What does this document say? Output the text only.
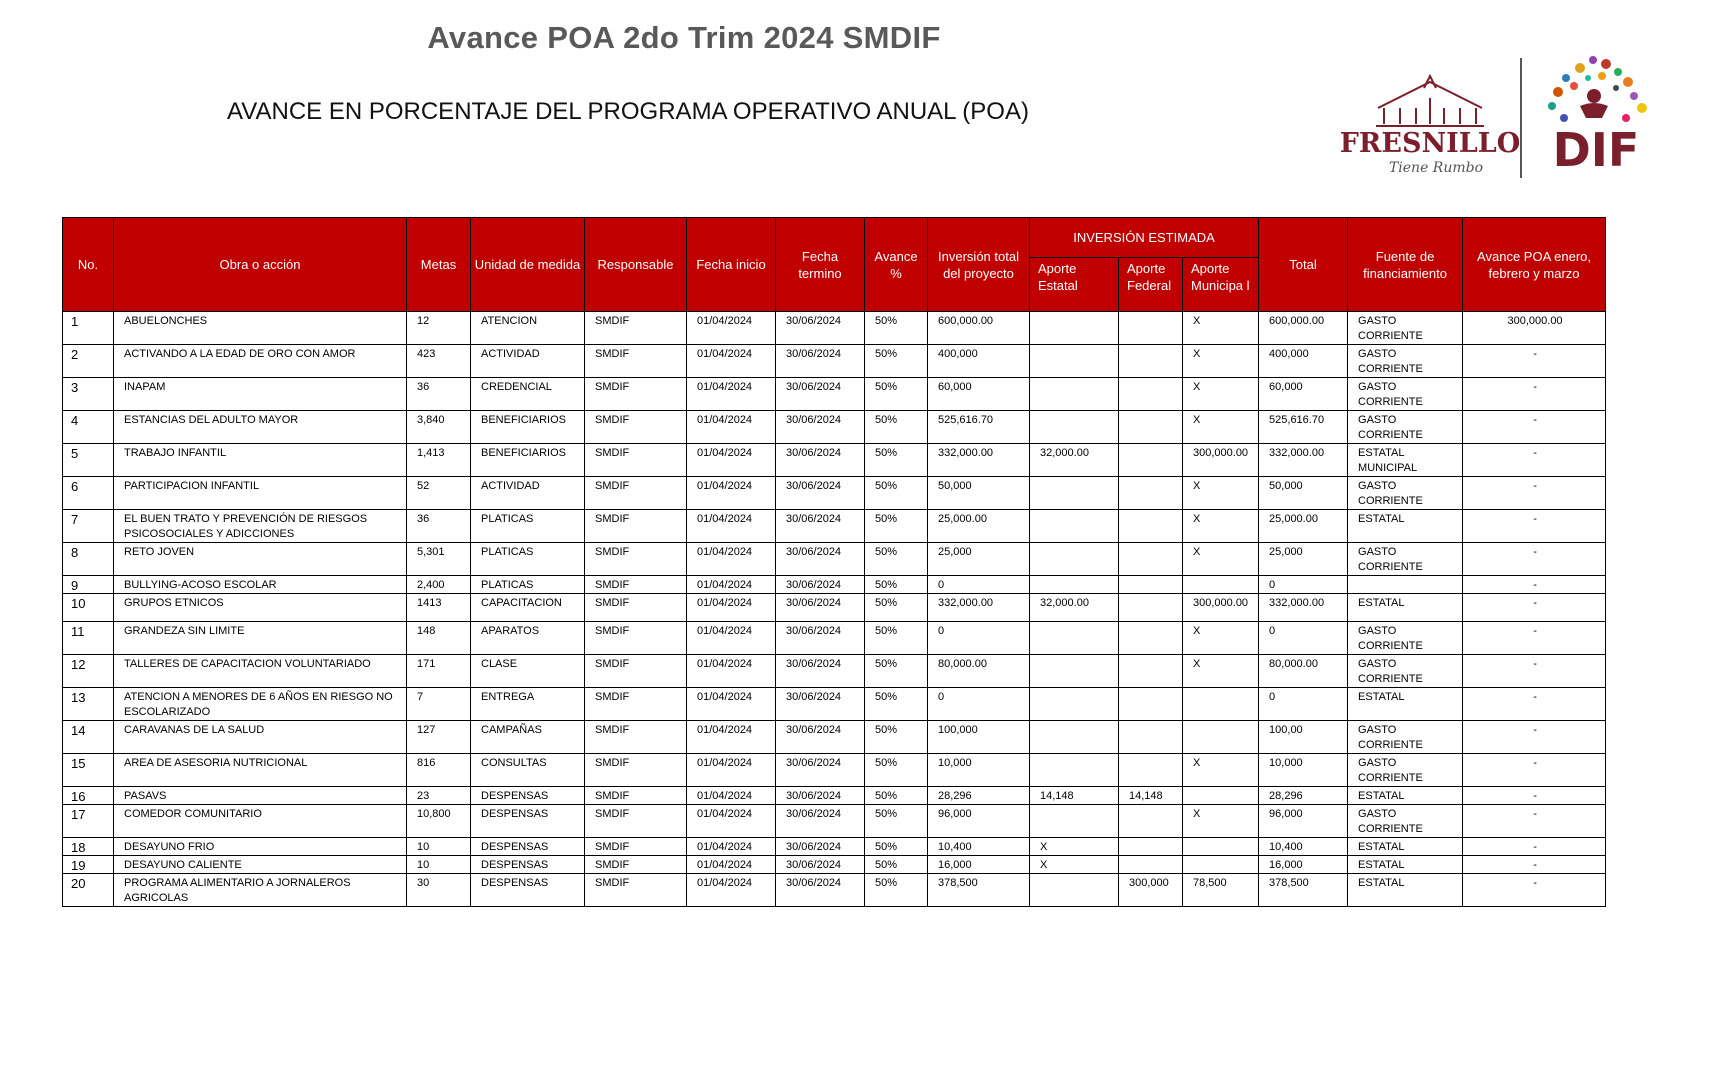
Avance POA 2do Trim 2024 SMDIF
AVANCE EN PORCENTAJE DEL PROGRAMA OPERATIVO ANUAL (POA)
FRESNILLO
Tiene Rumbo DIF
No.	Obra o acción	Metas	Unidad de medida	Responsable	Fecha inicio	Fecha termino	Avance %	Inversión total del proyecto	INVERSIÓN ESTIMADA			Total	Fuente de financiamiento	Avance POA enero, febrero y marzo
									Aporte Estatal	Aporte Federal	Aporte Municipa l			
1	ABUELONCHES	12	ATENCION	SMDIF	01/04/2024	30/06/2024	50%	600,000.00			X	600,000.00	GASTO CORRIENTE	300,000.00
2	ACTIVANDO A LA EDAD DE ORO CON AMOR	423	ACTIVIDAD	SMDIF	01/04/2024	30/06/2024	50%	400,000			X	400,000	GASTO CORRIENTE	-
3	INAPAM	36	CREDENCIAL	SMDIF	01/04/2024	30/06/2024	50%	60,000			X	60,000	GASTO CORRIENTE	-
4	ESTANCIAS DEL ADULTO MAYOR	3,840	BENEFICIARIOS	SMDIF	01/04/2024	30/06/2024	50%	525,616.70			X	525,616.70	GASTO CORRIENTE	-
5	TRABAJO INFANTIL	1,413	BENEFICIARIOS	SMDIF	01/04/2024	30/06/2024	50%	332,000.00	32,000.00		300,000.00	332,000.00	ESTATAL MUNICIPAL	-
6	PARTICIPACION INFANTIL	52	ACTIVIDAD	SMDIF	01/04/2024	30/06/2024	50%	50,000			X	50,000	GASTO CORRIENTE	-
7	EL BUEN TRATO Y PREVENCIÓN DE RIESGOS PSICOSOCIALES Y ADICCIONES	36	PLATICAS	SMDIF	01/04/2024	30/06/2024	50%	25,000.00			X	25,000.00	ESTATAL	-
8	RETO JOVEN	5,301	PLATICAS	SMDIF	01/04/2024	30/06/2024	50%	25,000			X	25,000	GASTO CORRIENTE	-
9	BULLYING-ACOSO ESCOLAR	2,400	PLATICAS	SMDIF	01/04/2024	30/06/2024	50%	0				0		-
10	GRUPOS ETNICOS	1413	CAPACITACION	SMDIF	01/04/2024	30/06/2024	50%	332,000.00	32,000.00		300,000.00	332,000.00	ESTATAL	-
11	GRANDEZA SIN LIMITE	148	APARATOS	SMDIF	01/04/2024	30/06/2024	50%	0			X	0	GASTO CORRIENTE	-
12	TALLERES DE CAPACITACION VOLUNTARIADO	171	CLASE	SMDIF	01/04/2024	30/06/2024	50%	80,000.00			X	80,000.00	GASTO CORRIENTE	-
13	ATENCION A MENORES DE 6 AÑOS EN RIESGO NO ESCOLARIZADO	7	ENTREGA	SMDIF	01/04/2024	30/06/2024	50%	0				0	ESTATAL	-
14	CARAVANAS DE LA SALUD	127	CAMPAÑAS	SMDIF	01/04/2024	30/06/2024	50%	100,000				100,00	GASTO CORRIENTE	-
15	AREA DE ASESORIA NUTRICIONAL	816	CONSULTAS	SMDIF	01/04/2024	30/06/2024	50%	10,000			X	10,000	GASTO CORRIENTE	-
16	PASAVS	23	DESPENSAS	SMDIF	01/04/2024	30/06/2024	50%	28,296	14,148	14,148		28,296	ESTATAL	-
17	COMEDOR COMUNITARIO	10,800	DESPENSAS	SMDIF	01/04/2024	30/06/2024	50%	96,000			X	96,000	GASTO CORRIENTE	-
18	DESAYUNO FRIO	10	DESPENSAS	SMDIF	01/04/2024	30/06/2024	50%	10,400	X			10,400	ESTATAL	-
19	DESAYUNO CALIENTE	10	DESPENSAS	SMDIF	01/04/2024	30/06/2024	50%	16,000	X			16,000	ESTATAL	-
20	PROGRAMA ALIMENTARIO A JORNALEROS AGRICOLAS	30	DESPENSAS	SMDIF	01/04/2024	30/06/2024	50%	378,500		300,000	78,500	378,500	ESTATAL	-
